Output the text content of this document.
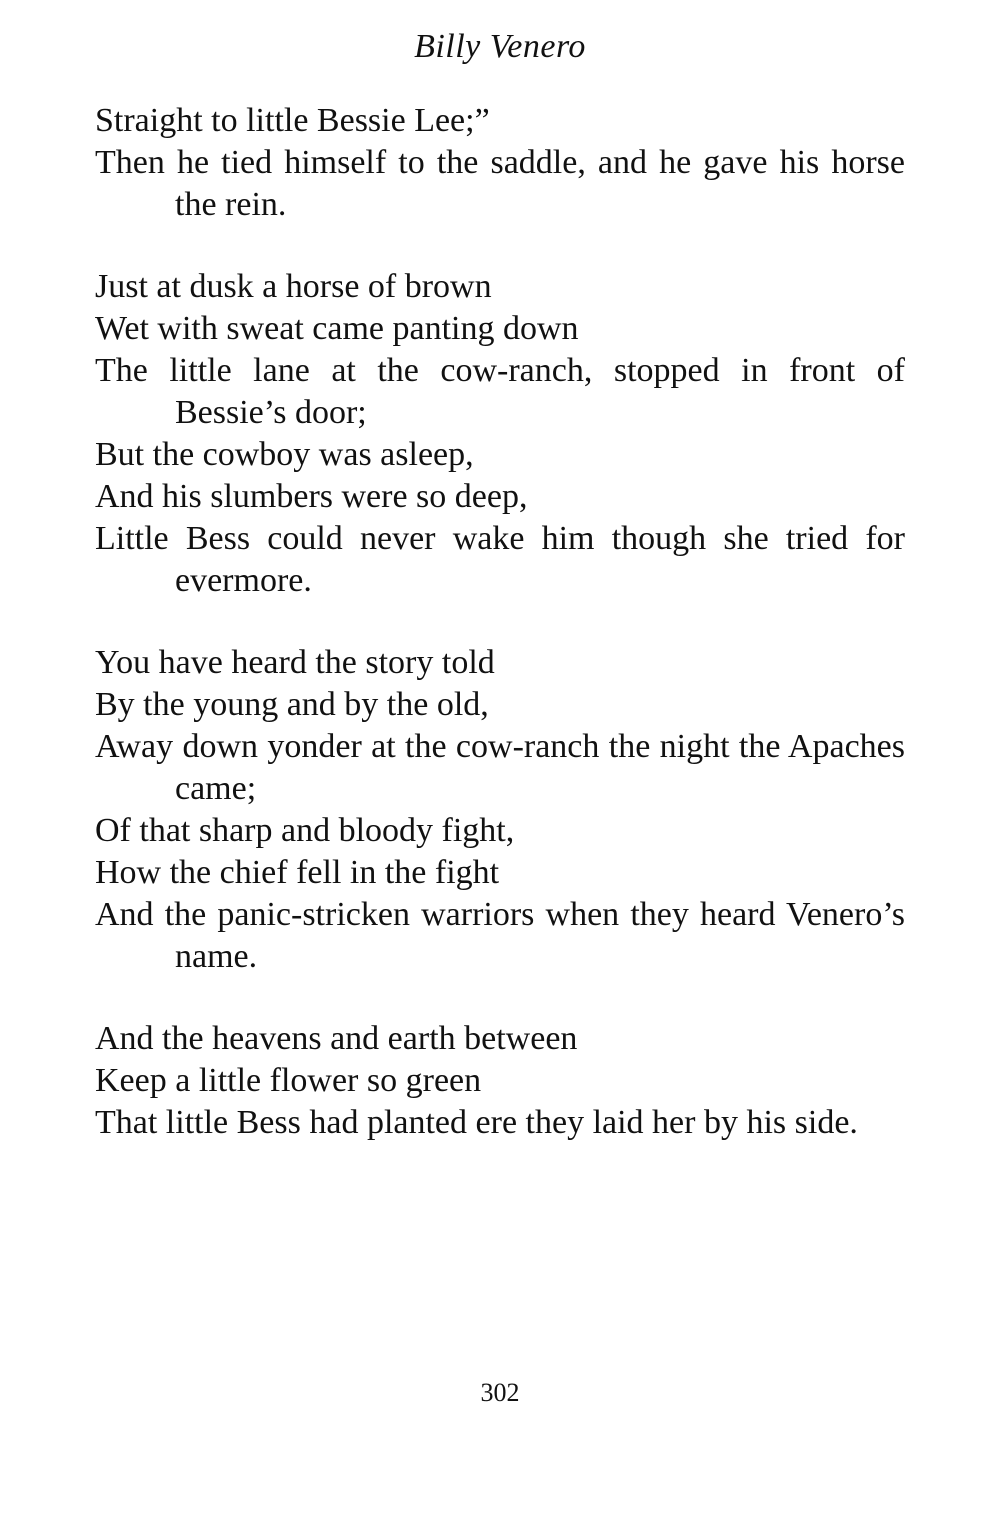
Billy Venero
Straight to little Bessie Lee;”
Then he tied himself to the saddle, and he gave his horse the rein.
Just at dusk a horse of brown
Wet with sweat came panting down
The little lane at the cow-ranch, stopped in front of Bessie’s door;
But the cowboy was asleep,
And his slumbers were so deep,
Little Bess could never wake him though she tried for evermore.
You have heard the story told
By the young and by the old,
Away down yonder at the cow-ranch the night the Apaches came;
Of that sharp and bloody fight,
How the chief fell in the fight
And the panic-stricken warriors when they heard Venero’s name.
And the heavens and earth between
Keep a little flower so green
That little Bess had planted ere they laid her by his side.
302
